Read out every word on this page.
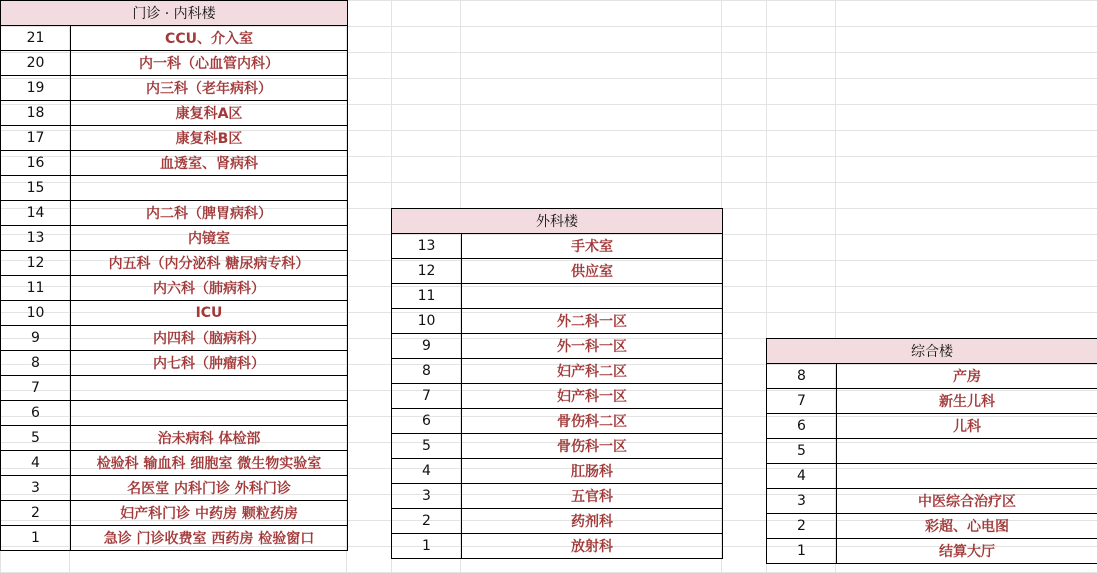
门诊 · 内科楼	
21	CCU、介入室
20	内一科（心血管内科）
19	内三科（老年病科）
18	康复科A区
17	康复科B区
16	血透室、肾病科
15	
14	内二科（脾胃病科）
13	内镜室
12	内五科（内分泌科 糖尿病专科）
11	内六科（肺病科）
10	ICU
9	内四科（脑病科）
8	内七科（肿瘤科）
7	
6	
5	治未病科 体检部
4	检验科 输血科 细胞室 微生物实验室
3	名医堂 内科门诊 外科门诊
2	妇产科门诊 中药房 颗粒药房
1	急诊 门诊收费室 西药房 检验窗口
外科楼	
13	手术室
12	供应室
11	
10	外二科一区
9	外一科一区
8	妇产科二区
7	妇产科一区
6	骨伤科二区
5	骨伤科一区
4	肛肠科
3	五官科
2	药剂科
1	放射科
综合楼	
8	产房
7	新生儿科
6	儿科
5	
4	
3	中医综合治疗区
2	彩超、心电图
1	结算大厅
